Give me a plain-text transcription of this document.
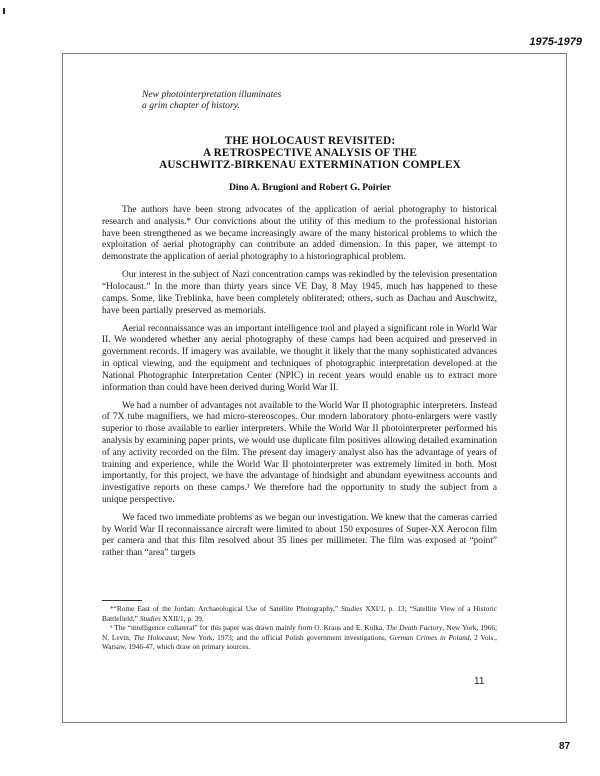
1975-1979
New photointerpretation illuminates
a grim chapter of history.
THE HOLOCAUST REVISITED:
A RETROSPECTIVE ANALYSIS OF THE
AUSCHWITZ-BIRKENAU EXTERMINATION COMPLEX
Dino A. Brugioni and Robert G. Poirier

The authors have been strong advocates of the application of aerial photography to historical research and analysis.* Our convictions about the utility of this medium to the professional historian have been strengthened as we became increasingly aware of the many historical problems to which the exploitation of aerial photography can contribute an added dimension. In this paper, we attempt to demonstrate the application of aerial photography to a historiographical problem.

Our interest in the subject of Nazi concentration camps was rekindled by the television presentation “Holocaust.” In the more than thirty years since VE Day, 8 May 1945, much has happened to these camps. Some, like Treblinka, have been completely obliterated; others, such as Dachau and Auschwitz, have been partially preserved as memorials.

Aerial reconnaissance was an important intelligence tool and played a significant role in World War II. We wondered whether any aerial photography of these camps had been acquired and preserved in government records. If imagery was available, we thought it likely that the many sophisticated advances in optical viewing, and the equipment and techniques of photographic interpretation developed at the National Photographic Interpretation Center (NPIC) in recent years would enable us to extract more information than could have been derived during World War II.

We had a number of advantages not available to the World War II photographic interpreters. Instead of 7X tube magnifiers, we had micro-stereoscopes. Our modern laboratory photo-enlargers were vastly superior to those available to earlier interpreters. While the World War II photointerpreter performed his analysis by examining paper prints, we would use duplicate film positives allowing detailed examination of any activity recorded on the film. The present day imagery analyst also has the advantage of years of training and experience, while the World War II photointerpreter was extremely limited in both. Most importantly, for this project, we have the advantage of hindsight and abundant eyewitness accounts and investigative reports on these camps.¹ We therefore had the opportunity to study the subject from a unique perspective.

We faced two immediate problems as we began our investigation. We knew that the cameras carried by World War II reconnaissance aircraft were limited to about 150 exposures of Super-XX Aerocon film per camera and that this film resolved about 35 lines per millimeter. The film was exposed at “point” rather than “area” targets

*“Rome East of the Jordan: Archaeological Use of Satellite Photography,” Studies XXI/1, p. 13; “Satellite View of a Historic Battlefield,” Studies XXII/1, p. 39.

¹ The “intelligence collateral” for this paper was drawn mainly from O. Kraus and E. Kulka, The Death Factory, New York, 1966; N. Levin, The Holocaust, New York, 1973; and the official Polish government investigations, German Crimes in Poland, 2 Vols., Warsaw, 1946-47, which draw on primary sources.

11
87
